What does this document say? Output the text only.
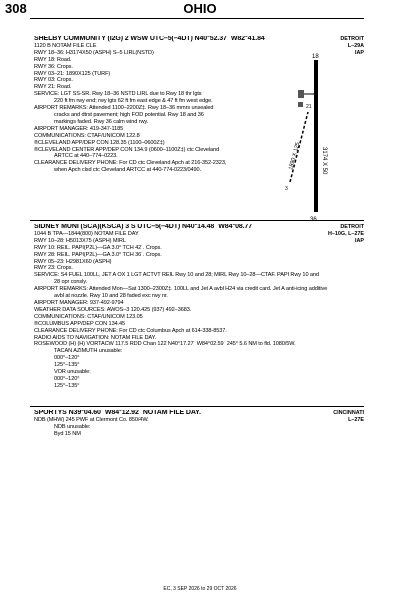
308	OHIO
SHELBY COMMUNITY (I2G) 2 WSW UTC–5(–4DT) N40°52.37´ W82°41.84´
1120 B NOTAM FILE CLE
RWY 18–36: H3174X50 (ASPH) S–5 LIRL(NSTD)
RWY 18: Road.
RWY 36: Crops.
RWY 03–21: 1890X125 (TURF)
RWY 03: Crops.
RWY 21: Road.
SERVICE: LGT SS-SR. Rwy 18–36 NSTD LIRL due to Rwy 18 thr lgts
220 ft fm rwy end; rwy lgts 62 ft fm east edge & 47 ft fm west edge.
AIRPORT REMARKS: Attended 1100–2200Z‡. Rwy 18–36 mmrs unsealed
cracks and dtrst pavement; high FOD potential. Rwy 18 and 36
markings faded. Rwy 36 calm wind rwy.
AIRPORT MANAGER: 419-347-1185
COMMUNICATIONS: CTAF/UNICOM 122.8
®CLEVELAND APP/DEP CON 128.35 (1100–0600Z‡)
®CLEVELAND CENTER APP/DEP CON 134.9 (0600–1100Z‡) ctc Cleveland
ARTCC at 440–774–0223.
CLEARANCE DELIVERY PHONE: For CD ctc Cleveland Apch at 216-352-2323,
when Apch clsd ctc Cleveland ARTCC at 440-774-0223/0490.
DETROIT
L–29A
IAP
18
36
3174 X 50
1890 X 125
3
21
SIDNEY MUNI (SCA)(KSCA) 3 S UTC–5(–4DT) N40°14.48´ W84°08.77´
1044 B TPA—1844(800) NOTAM FILE DAY
RWY 10–28: H5013X75 (ASPH) MIRL
RWY 10: REIL. PAPI(P2L)—GA 3.0° TCH 42´. Crops.
RWY 28: REIL. PAPI(P2L)—GA 3.0° TCH 36´. Crops.
RWY 05–23: H2981X60 (ASPH)
RWY 23: Crops.
SERVICE: S4 FUEL 100LL, JET A OX 1 LGT ACTVT REIL Rwy 10 and 28; MIRL Rwy 10–28—CTAF. PAPI Rwy 10 and
28 opr consly.
AIRPORT REMARKS: Attended Mon—Sat 1300–2300Z‡. 100LL and Jet A avbl H24 via credit card. Jet A anti-icing additive
avbl at nozzle. Rwy 10 and 28 faded exc rwy nr.
AIRPORT MANAGER: 937-492-9794
WEATHER DATA SOURCES: AWOS–3 120.425 (937) 492–3683.
COMMUNICATIONS: CTAF/UNICOM 123.05
®COLUMBUS APP/DEP CON 134.45
CLEARANCE DELIVERY PHONE: For CD ctc Columbus Apch at 614-338-8537.
RADIO AIDS TO NAVIGATION: NOTAM FILE DAY.
ROSEWOOD (H) (H) VORTACW 117.5 RDD Chan 122 N40°17.27´ W84°02.59´ 245° 5.6 NM to fld. 1080/5W.
TACAN AZIMUTH unusable:
000°–120°
125°–135°
VOR unusable:
000°–120°
125°–135°
DETROIT
H–10G, L–27E
IAP
SPORTYS N39°04.60´ W84°12.92´ NOTAM FILE DAY.
NDB (MHW) 245 PWF at Clermont Co. 850/4W.
NDB unusable:
Byd 15 NM
CINCINNATI
L–27E
EC, 3 SEP 2026 to 29 OCT 2026
